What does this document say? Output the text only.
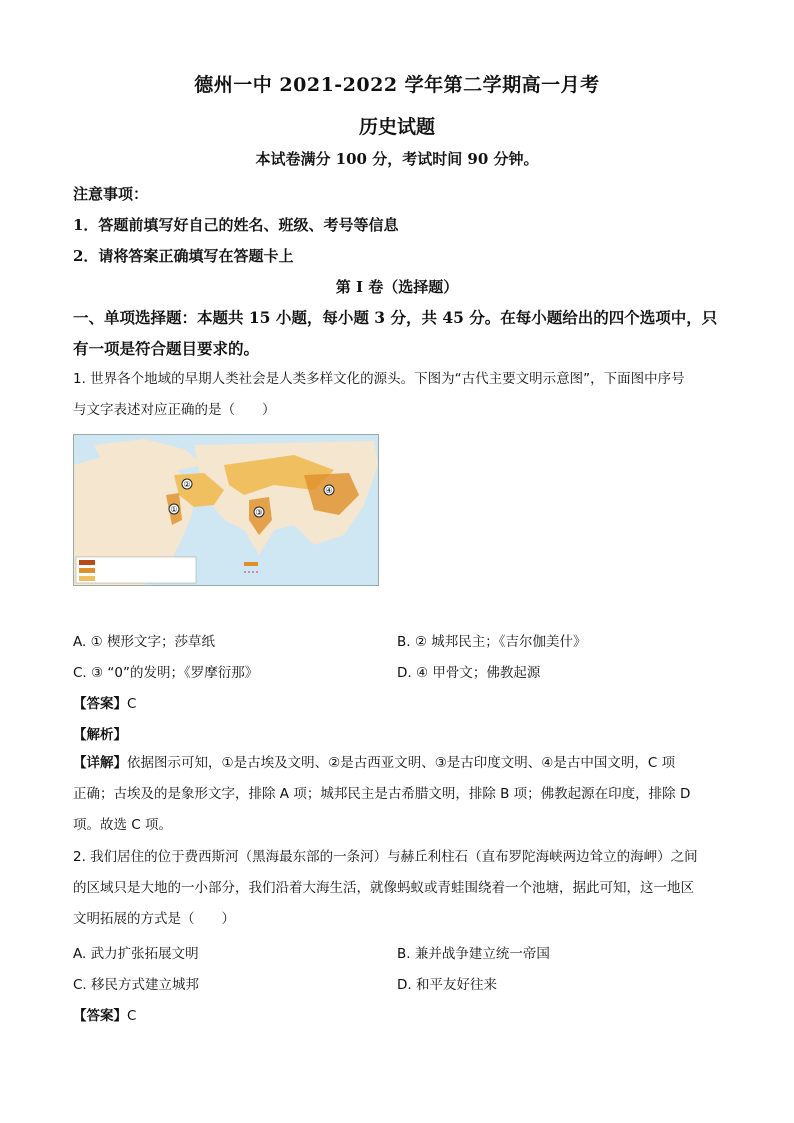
德州一中 2021-2022 学年第二学期高一月考
历史试题
本试卷满分 100 分，考试时间 90 分钟。
注意事项：
1．答题前填写好自己的姓名、班级、考号等信息
2．请将答案正确填写在答题卡上
第 I 卷（选择题）
一、单项选择题：本题共 15 小题，每小题 3 分，共 45 分。在每小题给出的四个选项中，只
有一项是符合题目要求的。
1. 世界各个地域的早期人类社会是人类多样文化的源头。下图为“古代主要文明示意图”，下面图中序号
与文字表述对应正确的是（　　）
①
②
③
④
A. ① 楔形文字；莎草纸	B. ② 城邦民主；《吉尔伽美什》
C. ③ “0”的发明；《罗摩衍那》	D. ④ 甲骨文；佛教起源
【答案】C
【解析】
【详解】依据图示可知，①是古埃及文明、②是古西亚文明、③是古印度文明、④是古中国文明，C 项
正确；古埃及的是象形文字，排除 A 项；城邦民主是古希腊文明，排除 B 项；佛教起源在印度，排除 D
项。故选 C 项。
2. 我们居住的位于费西斯河（黑海最东部的一条河）与赫丘利柱石（直布罗陀海峡两边耸立的海岬）之间
的区域只是大地的一小部分，我们沿着大海生活，就像蚂蚁或青蛙围绕着一个池塘，据此可知，这一地区
文明拓展的方式是（　　）
A. 武力扩张拓展文明	B. 兼并战争建立统一帝国
C. 移民方式建立城邦	D. 和平友好往来
【答案】C
